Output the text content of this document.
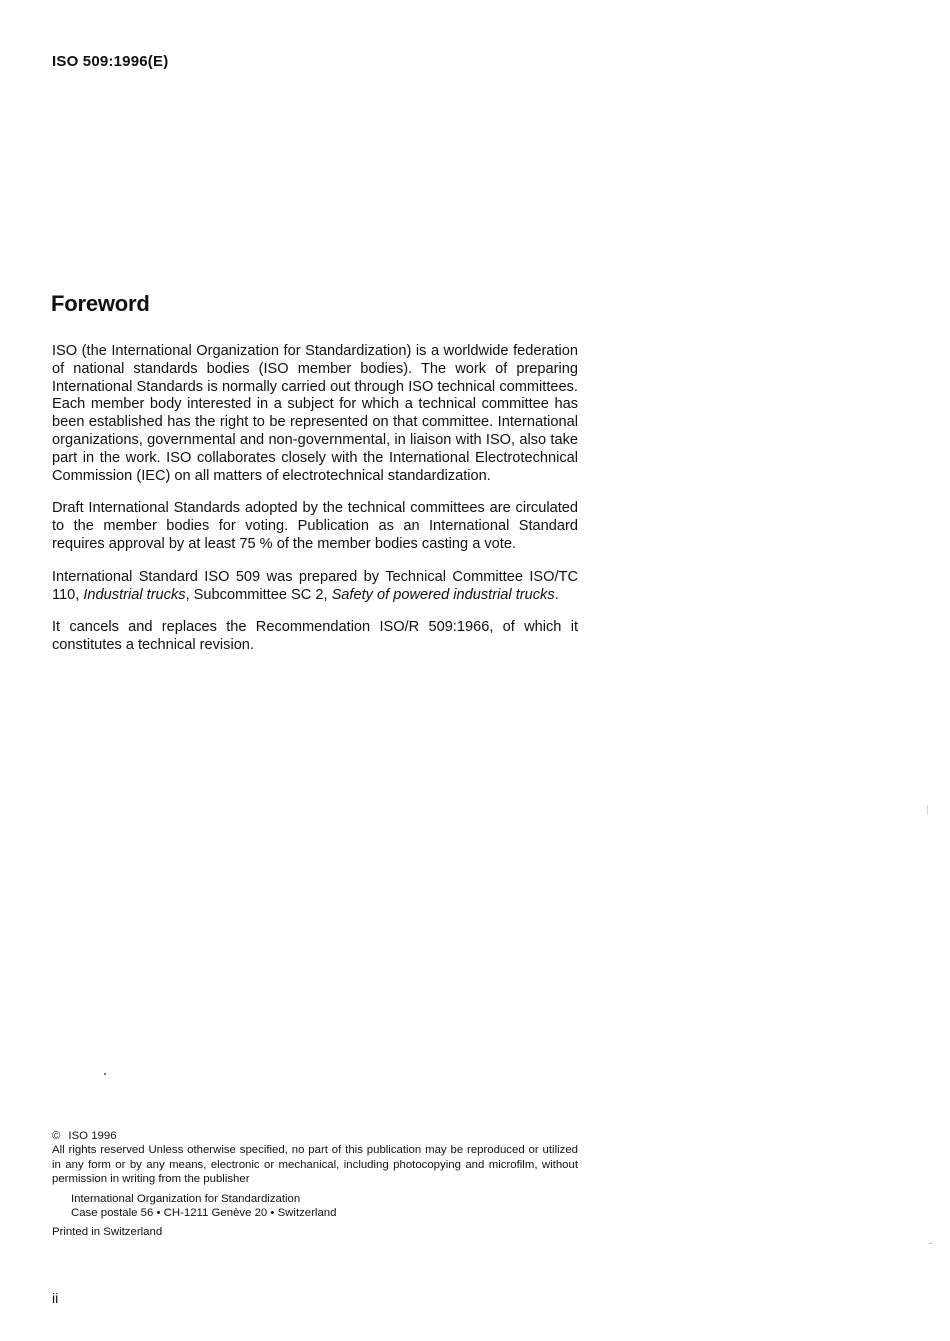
ISO 509:1996(E)
Foreword

ISO (the International Organization for Standardization) is a worldwide federation of national standards bodies (ISO member bodies). The work of preparing International Standards is normally carried out through ISO technical committees. Each member body interested in a subject for which a technical committee has been established has the right to be represented on that committee. International organizations, governmental and non-governmental, in liaison with ISO, also take part in the work. ISO collaborates closely with the International Electrotechnical Commission (IEC) on all matters of electrotechnical standardization.

Draft International Standards adopted by the technical committees are circulated to the member bodies for voting. Publication as an International Standard requires approval by at least 75 % of the member bodies casting a vote.

International Standard ISO 509 was prepared by Technical Committee ISO/TC 110, Industrial trucks, Subcommittee SC 2, Safety of powered industrial trucks.

It cancels and replaces the Recommendation ISO/R 509:1966, of which it constitutes a technical revision.

© ISO 1996

All rights reserved Unless otherwise specified, no part of this publication may be reproduced or utilized in any form or by any means, electronic or mechanical, including photocopying and microfilm, without permission in writing from the publisher

International Organization for Standardization
Case postale 56 • CH-1211 Genève 20 • Switzerland
Printed in Switzerland
ii
